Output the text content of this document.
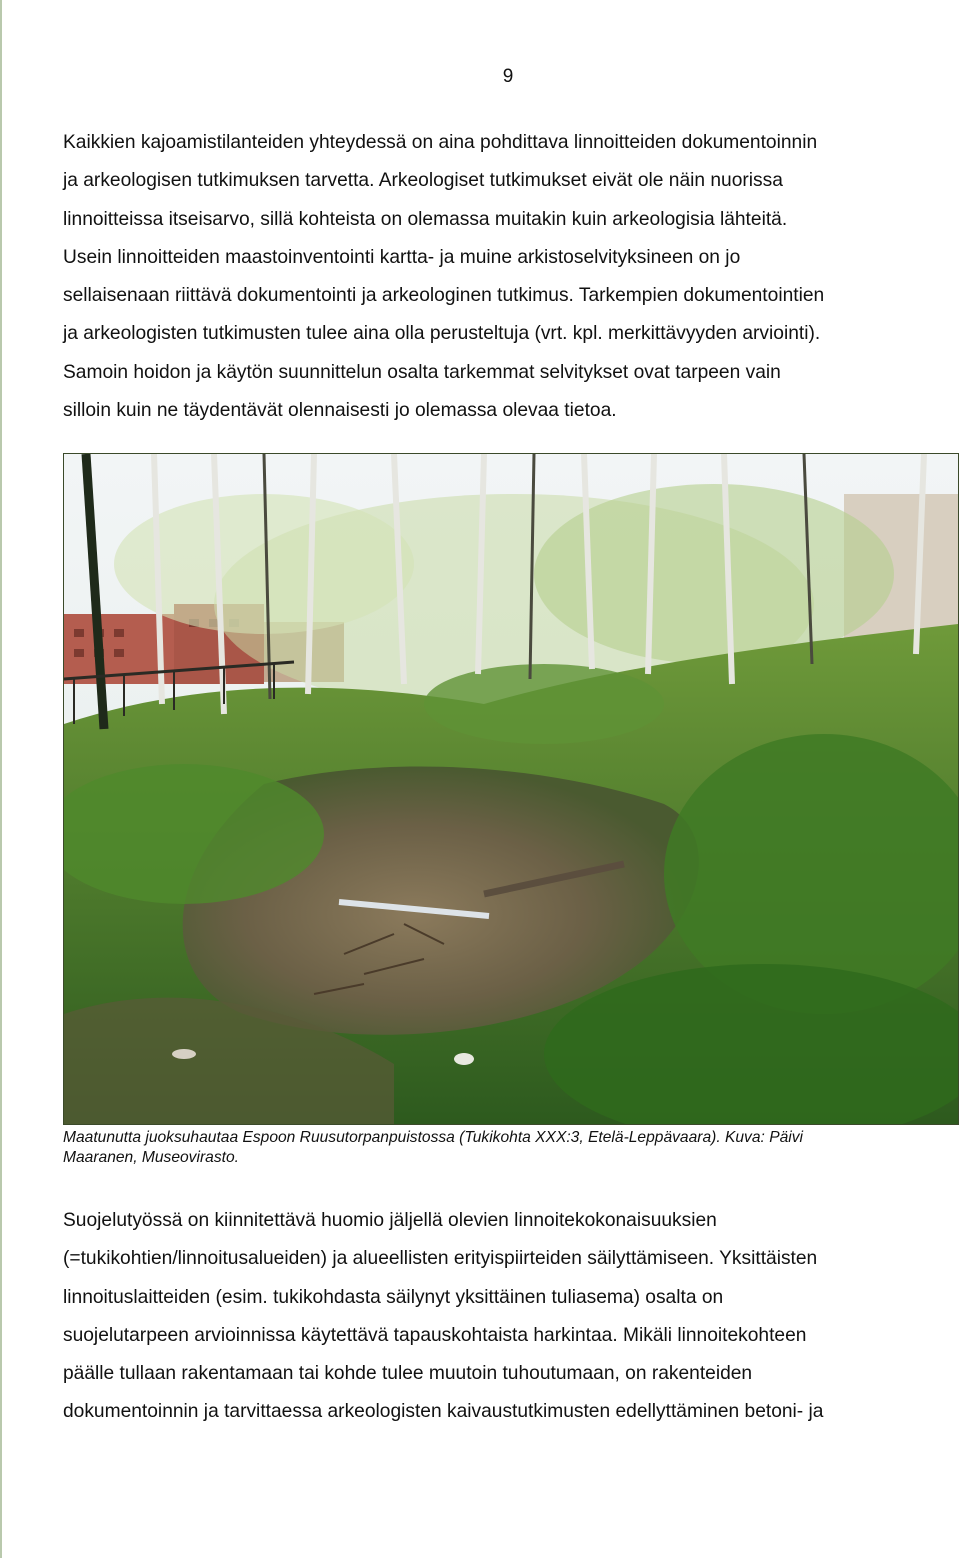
9

Kaikkien kajoamistilanteiden yhteydessä on aina pohdittava linnoitteiden dokumentoinnin
ja arkeologisen tutkimuksen tarvetta. Arkeologiset tutkimukset eivät ole näin nuorissa
linnoitteissa itseisarvo, sillä kohteista on olemassa muitakin kuin arkeologisia lähteitä.
Usein linnoitteiden maastoinventointi kartta- ja muine arkistoselvityksineen on jo
sellaisenaan riittävä dokumentointi ja arkeologinen tutkimus. Tarkempien dokumentointien
ja arkeologisten tutkimusten tulee aina olla perusteltuja (vrt. kpl. merkittävyyden arviointi).
Samoin hoidon ja käytön suunnittelun osalta tarkemmat selvitykset ovat tarpeen vain
silloin kuin ne täydentävät olennaisesti jo olemassa olevaa tietoa.

Maatunutta juoksuhautaa Espoon Ruusutorpanpuistossa (Tukikohta XXX:3, Etelä-Leppävaara). Kuva: Päivi
Maaranen, Museovirasto.

Suojelutyössä on kiinnitettävä huomio jäljellä olevien linnoitekokonaisuuksien
(=tukikohtien/linnoitusalueiden) ja alueellisten erityispiirteiden säilyttämiseen. Yksittäisten
linnoituslaitteiden (esim. tukikohdasta säilynyt yksittäinen tuliasema) osalta on
suojelutarpeen arvioinnissa käytettävä tapauskohtaista harkintaa. Mikäli linnoitekohteen
päälle tullaan rakentamaan tai kohde tulee muutoin tuhoutumaan, on rakenteiden
dokumentoinnin ja tarvittaessa arkeologisten kaivaustutkimusten edellyttäminen betoni- ja
